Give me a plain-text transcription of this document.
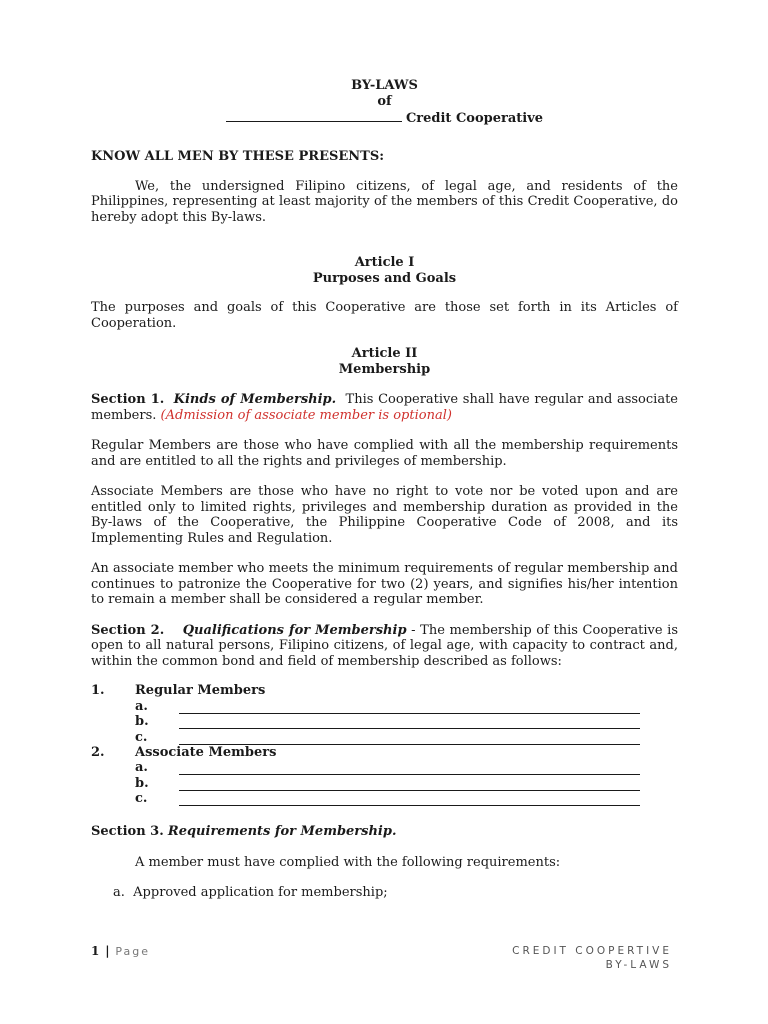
BY-LAWS

of

Credit Cooperative

KNOW ALL MEN BY THESE PRESENTS:

We, the undersigned Filipino citizens, of legal age, and residents of the Philippines, representing at least majority of the members of this Credit Cooperative, do hereby adopt this By-laws.

Article I

Purposes and Goals

The purposes and goals of this Cooperative are those set forth in its Articles of Cooperation.

Article II

Membership

Section 1. Kinds of Membership. This Cooperative shall have regular and associate members. (Admission of associate member is optional)

Regular Members are those who have complied with all the membership requirements and are entitled to all the rights and privileges of membership.

Associate Members are those who have no right to vote nor be voted upon and are entitled only to limited rights, privileges and membership duration as provided in the By-laws of the Cooperative, the Philippine Cooperative Code of 2008, and its Implementing Rules and Regulation.

An associate member who meets the minimum requirements of regular membership and continues to patronize the Cooperative for two (2) years, and signifies his/her intention to remain a member shall be considered a regular member.

Section 2. Qualifications for Membership - The membership of this Cooperative is open to all natural persons, Filipino citizens, of legal age, with capacity to contract and, within the common bond and field of membership described as follows:

1.	Regular Members
a.
b.
c.
2.	Associate Members
a.
b.
c.

Section 3. Requirements for Membership.

A member must have complied with the following requirements:

a. Approved application for membership;

1 | Page	CREDIT COOPERTIVE
BY-LAWS
